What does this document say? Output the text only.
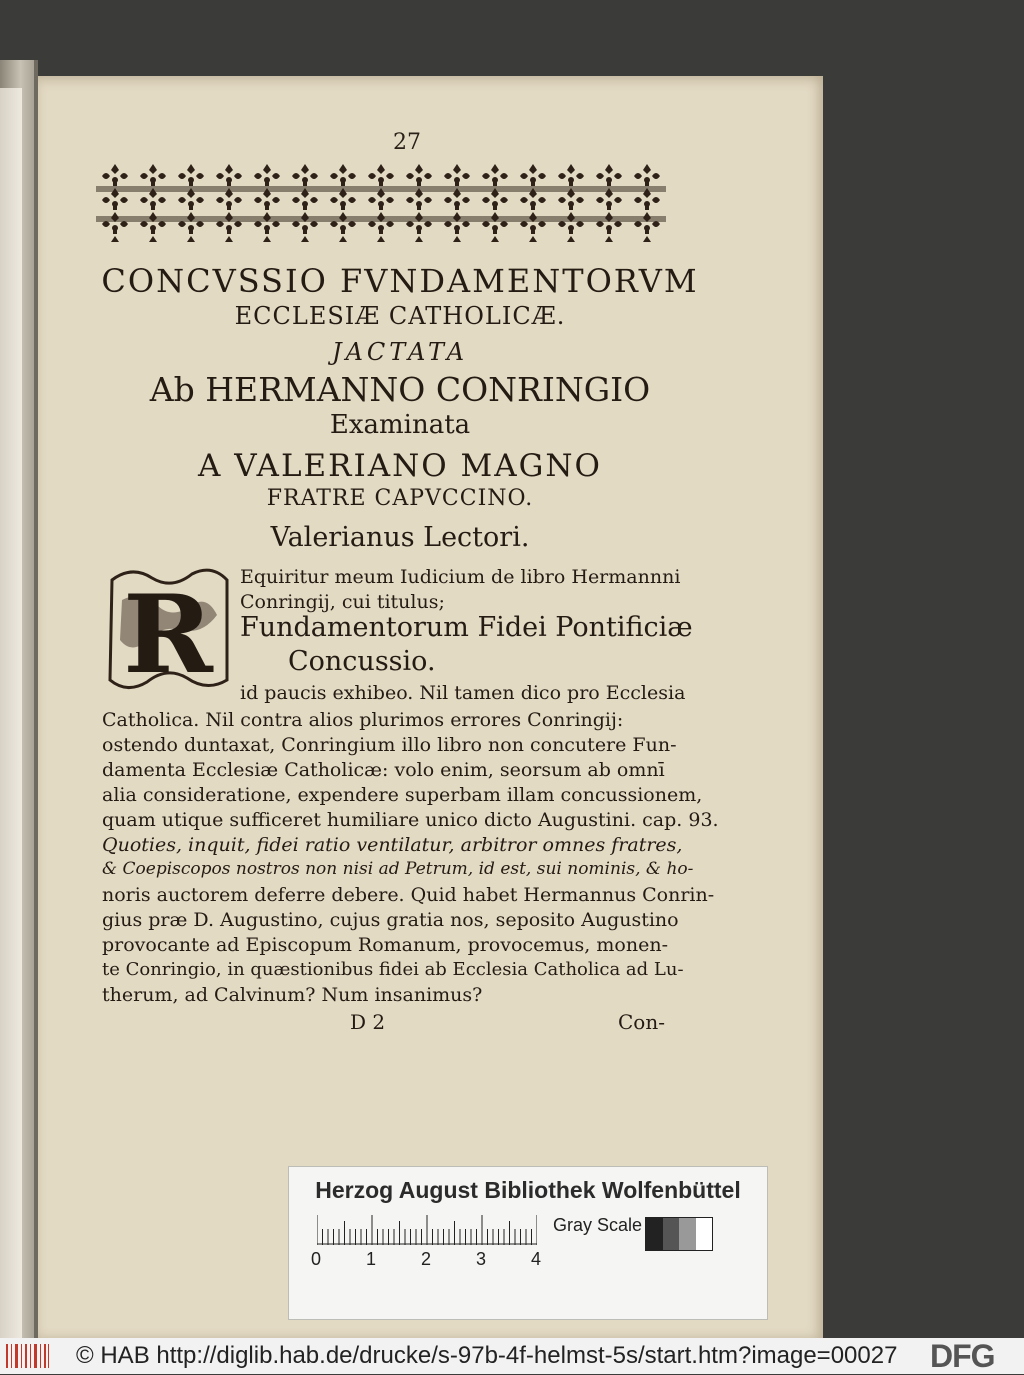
27
CONCVSSIO FVNDAMENTORVM
ECCLESIÆ CATHOLICÆ.
JACTATA
Ab HERMANNO CONRINGIO
Examinata
A VALERIANO MAGNO
FRATRE CAPVCCINO.
Valerianus Lectori.
R Equiritur meum Iudicium de libro Hermannni
Conringij, cui titulus;
Fundamentorum Fidei Pontificiæ
Concussio.
id paucis exhibeo. Nil tamen dico pro Ecclesia
Catholica. Nil contra alios plurimos errores Conringij:
ostendo duntaxat, Conringium illo libro non concutere Fun-
damenta Ecclesiæ Catholicæ: volo enim, seorsum ab omnī
alia consideratione, expendere superbam illam concussionem,
quam utique sufficeret humiliare unico dicto Augustini. cap. 93.
Quoties, inquit, fidei ratio ventilatur, arbitror omnes fratres,
& Coepiscopos nostros non nisi ad Petrum, id est, sui nominis, & ho-
noris auctorem deferre debere. Quid habet Hermannus Conrin-
gius præ D. Augustino, cujus gratia nos, seposito Augustino
provocante ad Episcopum Romanum, provocemus, monen-
te Conringio, in quæstionibus fidei ab Ecclesia Catholica ad Lu-
therum, ad Calvinum? Num insanimus?
D 2	Con-
Herzog August Bibliothek Wolfenbüttel
0 1 2 3 4
Gray Scale
© HAB http://diglib.hab.de/drucke/s-97b-4f-helmst-5s/start.htm?image=00027 DFG
